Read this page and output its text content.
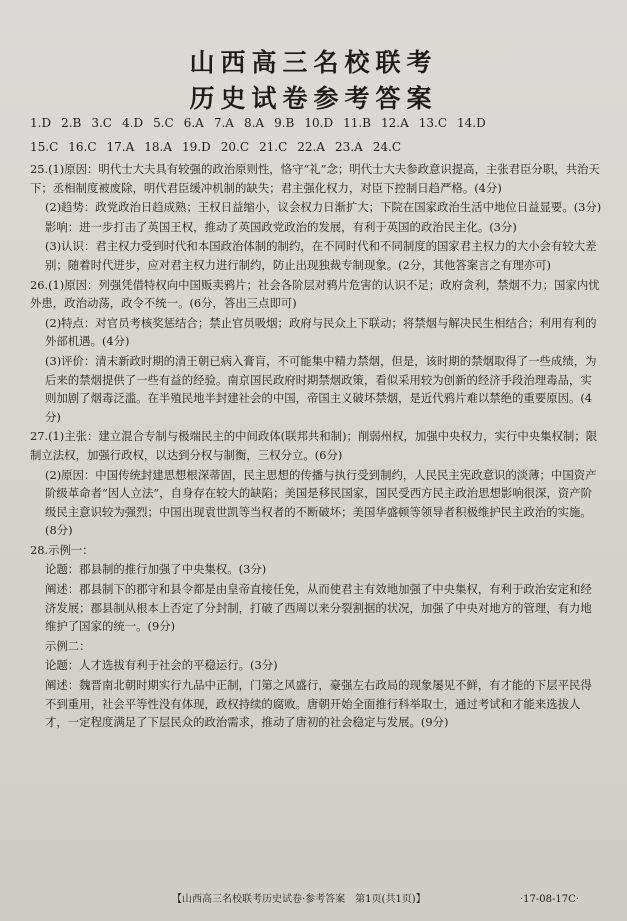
山西高三名校联考
历史试卷参考答案
1.D 2.B 3.C 4.D 5.C 6.A 7.A 8.A 9.B 10.D 11.B 12.A 13.C 14.D
15.C 16.C 17.A 18.A 19.D 20.C 21.C 22.A 23.A 24.C

25.(1)原因：明代士大夫具有较强的政治原则性，恪守“礼”念；明代士大夫参政意识提高，主张君臣分职，共治天下；丞相制度被废除，明代君臣缓冲机制的缺失；君主强化权力，对臣下控制日趋严格。(4分)

(2)趋势：政党政治日趋成熟；王权日益缩小，议会权力日渐扩大；下院在国家政治生活中地位日益显要。(3分)

影响：进一步打击了英国王权，推动了英国政党政治的发展，有利于英国的政治民主化。(3分)

(3)认识：君主权力受到时代和本国政治体制的制约，在不同时代和不同制度的国家君主权力的大小会有较大差别；随着时代进步，应对君主权力进行制约，防止出现独裁专制现象。(2分，其他答案言之有理亦可)

26.(1)原因：列强凭借特权向中国贩卖鸦片；社会各阶层对鸦片危害的认识不足；政府贪利，禁烟不力；国家内忧外患，政治动荡，政令不统一。(6分，答出三点即可)

(2)特点：对官员考核奖惩结合；禁止官员吸烟；政府与民众上下联动；将禁烟与解决民生相结合；利用有利的外部机遇。(4分)

(3)评价：清末新政时期的清王朝已病入膏肓，不可能集中精力禁烟，但是，该时期的禁烟取得了一些成绩，为后来的禁烟提供了一些有益的经验。南京国民政府时期禁烟政策，看似采用较为创新的经济手段治理毒品，实则加剧了烟毒泛滥。在半殖民地半封建社会的中国，帝国主义破坏禁烟，是近代鸦片难以禁绝的重要原因。(4分)

27.(1)主张：建立混合专制与极端民主的中间政体(联邦共和制)；削弱州权，加强中央权力，实行中央集权制；限制立法权，加强行政权，以达到分权与制衡，三权分立。(6分)

(2)原因：中国传统封建思想根深蒂固，民主思想的传播与执行受到制约，人民民主宪政意识的淡薄；中国资产阶级革命者“因人立法”，自身存在较大的缺陷；美国是移民国家，国民受西方民主政治思想影响很深，资产阶级民主意识较为强烈；中国出现袁世凯等当权者的不断破坏；美国华盛顿等领导者积极维护民主政治的实施。(8分)

28.示例一：

论题：郡县制的推行加强了中央集权。(3分)

阐述：郡县制下的郡守和县令都是由皇帝直接任免，从而使君主有效地加强了中央集权，有利于政治安定和经济发展；郡县制从根本上否定了分封制，打破了西周以来分裂割据的状况，加强了中央对地方的管理，有力地维护了国家的统一。(9分)

示例二：

论题：人才选拔有利于社会的平稳运行。(3分)

阐述：魏晋南北朝时期实行九品中正制，门第之风盛行，豪强左右政局的现象屡见不鲜，有才能的下层平民得不到重用，社会平等性没有体现，政权持续的腐败。唐朝开始全面推行科举取士，通过考试和才能来选拔人才，一定程度满足了下层民众的政治需求，推动了唐初的社会稳定与发展。(9分)

【山西高三名校联考历史试卷·参考答案　第1页(共1页)】	·17-08-17C·
